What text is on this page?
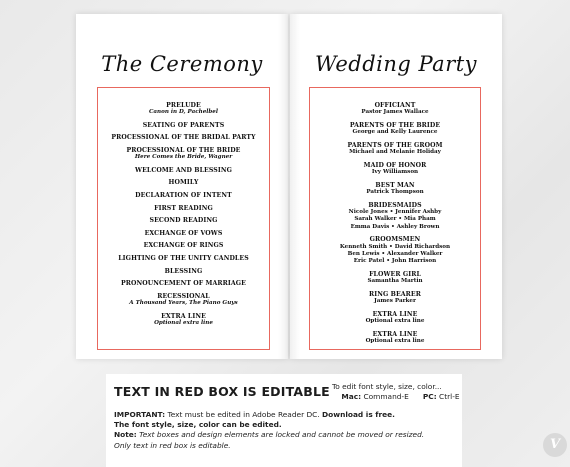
The Ceremony
PRELUDE
Canon in D, Pachelbel
SEATING OF PARENTS
PROCESSIONAL OF THE BRIDAL PARTY
PROCESSIONAL OF THE BRIDE
Here Comes the Bride, Wagner
WELCOME AND BLESSING
HOMILY
DECLARATION OF INTENT
FIRST READING
SECOND READING
EXCHANGE OF VOWS
EXCHANGE OF RINGS
LIGHTING OF THE UNITY CANDLES
BLESSING
PRONOUNCEMENT OF MARRIAGE
RECESSIONAL
A Thousand Years, The Piano Guys
EXTRA LINE
Optional extra line
Wedding Party
OFFICIANT
Pastor James Wallace
PARENTS OF THE BRIDE
George and Kelly Laurence
PARENTS OF THE GROOM
Michael and Melanie Holiday
MAID OF HONOR
Ivy Williamson
BEST MAN
Patrick Thompson
BRIDESMAIDS
Nicole Jones • Jennifer Ashby
Sarah Walker • Mia Pham
Emma Davis • Ashley Brown
GROOMSMEN
Kenneth Smith • David Richardson
Ben Lewis • Alexander Walker
Eric Patel • John Harrison
FLOWER GIRL
Samantha Martin
RING BEARER
James Parker
EXTRA LINE
Optional extra line
EXTRA LINE
Optional extra line
TEXT IN RED BOX IS EDITABLE To edit font style, size, color...
Mac: Command-E PC: Ctrl-E
IMPORTANT: Text must be edited in Adobe Reader DC. Download is free.
The font style, size, color can be edited.
Note: Text boxes and design elements are locked and cannot be moved or resized.
Only text in red box is editable.	V
